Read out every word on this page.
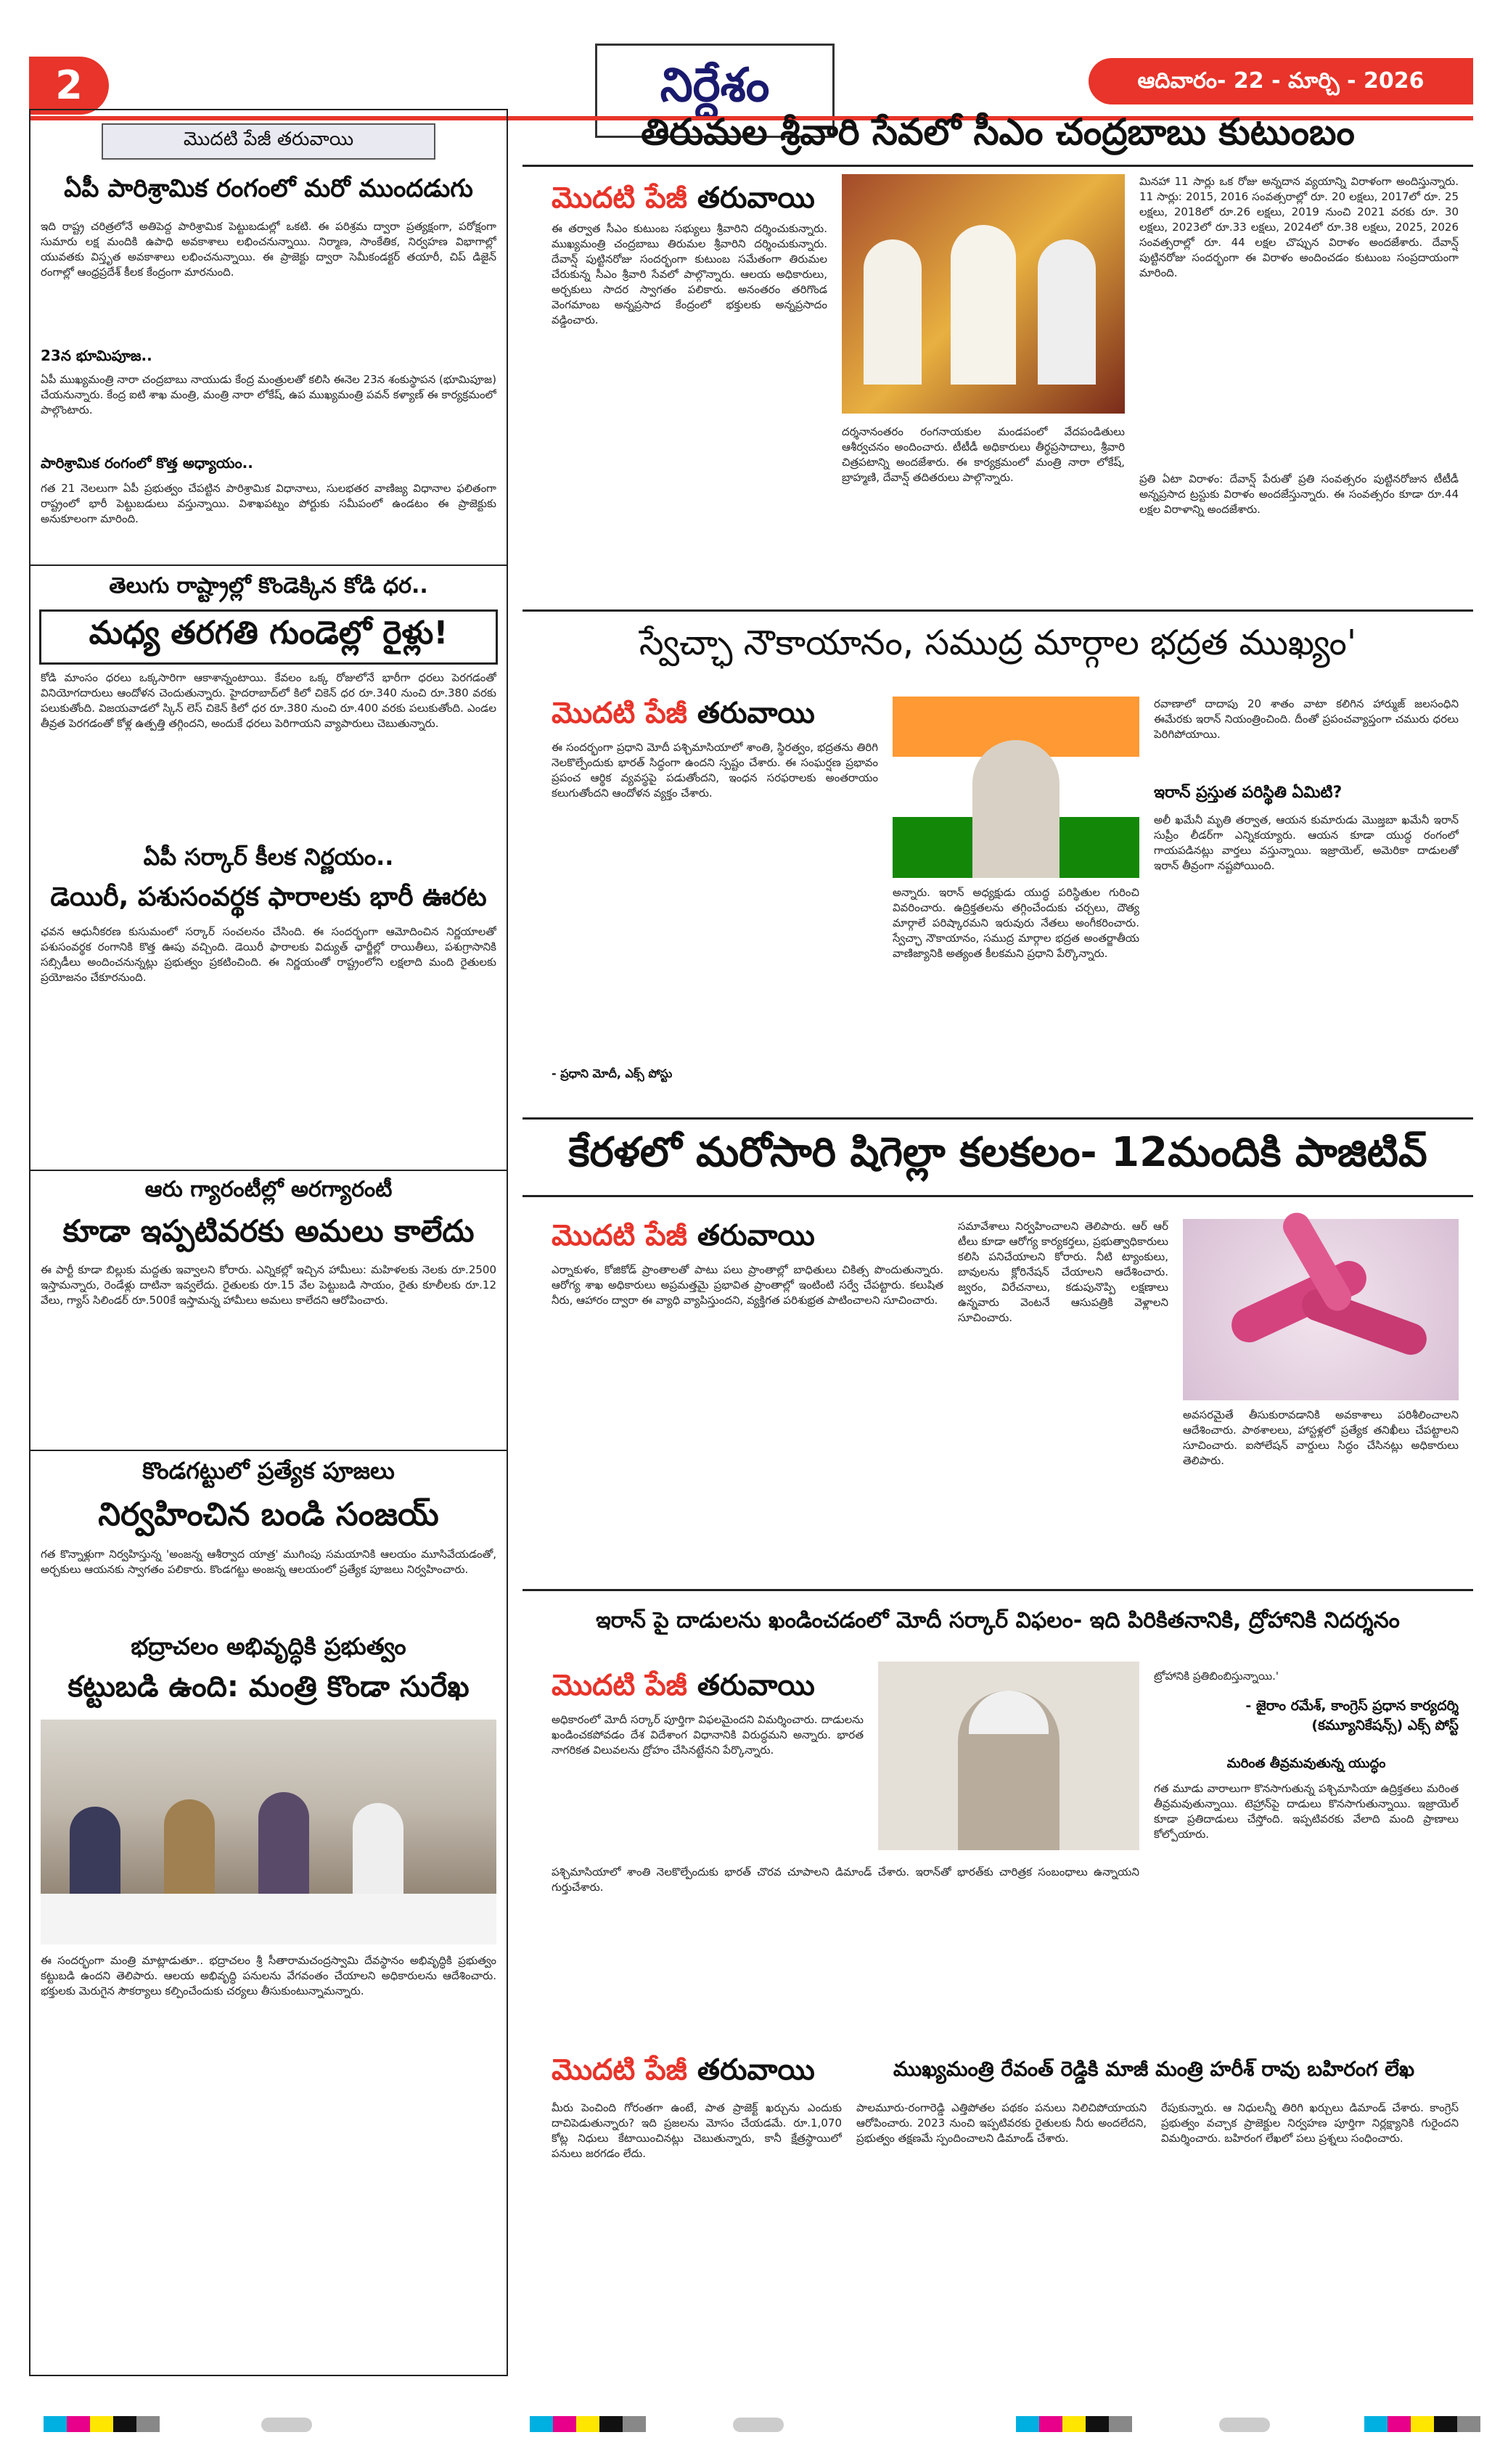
2	నిర్దేశం	ఆదివారం- 22 - మార్చి - 2026
మొదటి పేజీ తరువాయి
ఏపీ పారిశ్రామిక రంగంలో మరో ముందడుగు
ఇది రాష్ట్ర చరిత్రలోనే అతిపెద్ద పారిశ్రామిక పెట్టుబడుల్లో ఒకటి. ఈ పరిశ్రమ ద్వారా ప్రత్యక్షంగా, పరోక్షంగా సుమారు లక్ష మందికి ఉపాధి అవకాశాలు లభించనున్నాయి. నిర్మాణ, సాంకేతిక, నిర్వహణ విభాగాల్లో యువతకు విస్తృత అవకాశాలు లభించనున్నాయి. ఈ ప్రాజెక్టు ద్వారా సెమీకండక్టర్ తయారీ, చిప్ డిజైన్ రంగాల్లో ఆంధ్రప్రదేశ్ కీలక కేంద్రంగా మారనుంది.
23న భూమిపూజ..
ఏపీ ముఖ్యమంత్రి నారా చంద్రబాబు నాయుడు కేంద్ర మంత్రులతో కలిసి ఈనెల 23న శంకుస్థాపన (భూమిపూజ) చేయనున్నారు. కేంద్ర ఐటి శాఖ మంత్రి, మంత్రి నారా లోకేష్, ఉప ముఖ్యమంత్రి పవన్ కళ్యాణ్ ఈ కార్యక్రమంలో పాల్గొంటారు.
పారిశ్రామిక రంగంలో కొత్త అధ్యాయం..
గత 21 నెలలుగా ఏపీ ప్రభుత్వం చేపట్టిన పారిశ్రామిక విధానాలు, సులభతర వాణిజ్య విధానాల ఫలితంగా రాష్ట్రంలో భారీ పెట్టుబడులు వస్తున్నాయి. విశాఖపట్నం పోర్టుకు సమీపంలో ఉండటం ఈ ప్రాజెక్టుకు అనుకూలంగా మారింది.
తెలుగు రాష్ట్రాల్లో కొండెక్కిన కోడి ధర..
మధ్య తరగతి గుండెల్లో రైళ్లు!
కోడి మాంసం ధరలు ఒక్కసారిగా ఆకాశాన్నంటాయి. కేవలం ఒక్క రోజులోనే భారీగా ధరలు పెరగడంతో వినియోగదారులు ఆందోళన చెందుతున్నారు. హైదరాబాద్‌లో కిలో చికెన్ ధర రూ.340 నుంచి రూ.380 వరకు పలుకుతోంది. విజయవాడలో స్కిన్ లెస్ చికెన్ కిలో ధర రూ.380 నుంచి రూ.400 వరకు పలుకుతోంది. ఎండల తీవ్రత పెరగడంతో కోళ్ల ఉత్పత్తి తగ్గిందని, అందుకే ధరలు పెరిగాయని వ్యాపారులు చెబుతున్నారు.
ఏపీ సర్కార్ కీలక నిర్ణయం..
డెయిరీ, పశుసంవర్థక ఫారాలకు భారీ ఊరట
ఛవన ఆధునీకరణ కుసుమంలో సర్కార్ సంచలనం చేసింది. ఈ సందర్భంగా ఆమోదించిన నిర్ణయాలతో పశుసంవర్థక రంగానికి కొత్త ఊపు వచ్చింది. డెయిరీ ఫారాలకు విద్యుత్ ఛార్జీల్లో రాయితీలు, పశుగ్రాసానికి సబ్సిడీలు అందించనున్నట్లు ప్రభుత్వం ప్రకటించింది. ఈ నిర్ణయంతో రాష్ట్రంలోని లక్షలాది మంది రైతులకు ప్రయోజనం చేకూరనుంది.
ఆరు గ్యారంటీల్లో అరగ్యారంటీ
కూడా ఇప్పటివరకు అమలు కాలేదు
ఈ పార్టీ కూడా బిల్లుకు మద్దతు ఇవ్వాలని కోరారు. ఎన్నికల్లో ఇచ్చిన హామీలు: మహిళలకు నెలకు రూ.2500 ఇస్తామన్నారు, రెండేళ్లు దాటినా ఇవ్వలేదు. రైతులకు రూ.15 వేల పెట్టుబడి సాయం, రైతు కూలీలకు రూ.12 వేలు, గ్యాస్ సిలిండర్ రూ.500కే ఇస్తామన్న హామీలు అమలు కాలేదని ఆరోపించారు.
కొండగట్టులో ప్రత్యేక పూజలు
నిర్వహించిన బండి సంజయ్
గత కొన్నాళ్లుగా నిర్వహిస్తున్న 'అంజన్న ఆశీర్వాద యాత్ర' ముగింపు సమయానికి ఆలయం మూసివేయడంతో, అర్చకులు ఆయనకు స్వాగతం పలికారు. కొండగట్టు అంజన్న ఆలయంలో ప్రత్యేక పూజలు నిర్వహించారు.
భద్రాచలం అభివృద్ధికి ప్రభుత్వం
కట్టుబడి ఉంది: మంత్రి కొండా సురేఖ
ఈ సందర్భంగా మంత్రి మాట్లాడుతూ.. భద్రాచలం శ్రీ సీతారామచంద్రస్వామి దేవస్థానం అభివృద్ధికి ప్రభుత్వం కట్టుబడి ఉందని తెలిపారు. ఆలయ అభివృద్ధి పనులను వేగవంతం చేయాలని అధికారులను ఆదేశించారు. భక్తులకు మెరుగైన సౌకర్యాలు కల్పించేందుకు చర్యలు తీసుకుంటున్నామన్నారు.
తిరుమల శ్రీవారి సేవలో సీఎం చంద్రబాబు కుటుంబం
మొదటి పేజీ తరువాయి
ఈ తర్వాత సీఎం కుటుంబ సభ్యులు శ్రీవారిని దర్శించుకున్నారు. ముఖ్యమంత్రి చంద్రబాబు తిరుమల శ్రీవారిని దర్శించుకున్నారు. దేవాన్ష్ పుట్టినరోజు సందర్భంగా కుటుంబ సమేతంగా తిరుమల చేరుకున్న సీఎం శ్రీవారి సేవలో పాల్గొన్నారు. ఆలయ అధికారులు, అర్చకులు సాదర స్వాగతం పలికారు. అనంతరం తరిగొండ వెంగమాంబ అన్నప్రసాద కేంద్రంలో భక్తులకు అన్నప్రసాదం వడ్డించారు.
దర్శనానంతరం రంగనాయకుల మండపంలో వేదపండితులు ఆశీర్వచనం అందించారు. టీటీడీ అధికారులు తీర్థప్రసాదాలు, శ్రీవారి చిత్రపటాన్ని అందజేశారు. ఈ కార్యక్రమంలో మంత్రి నారా లోకేష్, బ్రాహ్మణి, దేవాన్ష్ తదితరులు పాల్గొన్నారు.
మినహా 11 సార్లు ఒక రోజు అన్నదాన వ్యయాన్ని విరాళంగా అందిస్తున్నారు. 11 సార్లు: 2015, 2016 సంవత్సరాల్లో రూ. 20 లక్షలు, 2017లో రూ. 25 లక్షలు, 2018లో రూ.26 లక్షలు, 2019 నుంచి 2021 వరకు రూ. 30 లక్షలు, 2023లో రూ.33 లక్షలు, 2024లో రూ.38 లక్షలు, 2025, 2026 సంవత్సరాల్లో రూ. 44 లక్షల చొప్పున విరాళం అందజేశారు. దేవాన్ష్ పుట్టినరోజు సందర్భంగా ఈ విరాళం అందించడం కుటుంబ సంప్రదాయంగా మారింది.
ప్రతి ఏటా విరాళం: దేవాన్ష్ పేరుతో ప్రతి సంవత్సరం పుట్టినరోజున టీటీడీ అన్నప్రసాద ట్రస్టుకు విరాళం అందజేస్తున్నారు. ఈ సంవత్సరం కూడా రూ.44 లక్షల విరాళాన్ని అందజేశారు.
స్వేచ్ఛా నౌకాయానం, సముద్ర మార్గాల భద్రత ముఖ్యం'
మొదటి పేజీ తరువాయి
ఈ సందర్భంగా ప్రధాని మోదీ పశ్చిమాసియాలో శాంతి, స్థిరత్వం, భద్రతను తిరిగి నెలకొల్పేందుకు భారత్ సిద్ధంగా ఉందని స్పష్టం చేశారు. ఈ సంఘర్షణ ప్రభావం ప్రపంచ ఆర్థిక వ్యవస్థపై పడుతోందని, ఇంధన సరఫరాలకు అంతరాయం కలుగుతోందని ఆందోళన వ్యక్తం చేశారు.
అన్నారు. ఇరాన్ అధ్యక్షుడు యుద్ధ పరిస్థితుల గురించి వివరించారు. ఉద్రిక్తతలను తగ్గించేందుకు చర్చలు, దౌత్య మార్గాలే పరిష్కారమని ఇరువురు నేతలు అంగీకరించారు. స్వేచ్ఛా నౌకాయానం, సముద్ర మార్గాల భద్రత అంతర్జాతీయ వాణిజ్యానికి అత్యంత కీలకమని ప్రధాని పేర్కొన్నారు.
- ప్రధాని మోదీ, ఎక్స్ పోస్టు
రవాణాలో దాదాపు 20 శాతం వాటా కలిగిన హార్ముజ్ జలసంధిని ఈమేరకు ఇరాన్ నియంత్రించింది. దీంతో ప్రపంచవ్యాప్తంగా చమురు ధరలు పెరిగిపోయాయి.
ఇరాన్ ప్రస్తుత పరిస్థితి ఏమిటి?
అలీ ఖమేనీ మృతి తర్వాత, ఆయన కుమారుడు మొజ్తబా ఖమేనీ ఇరాన్ సుప్రీం లీడర్‌గా ఎన్నికయ్యారు. ఆయన కూడా యుద్ధ రంగంలో గాయపడినట్లు వార్తలు వస్తున్నాయి. ఇజ్రాయెల్, అమెరికా దాడులతో ఇరాన్ తీవ్రంగా నష్టపోయింది.
కేరళలో మరోసారి షిగెల్లా కలకలం- 12మందికి పాజిటివ్
మొదటి పేజీ తరువాయి
ఎర్నాకుళం, కోజికోడ్ ప్రాంతాలతో పాటు పలు ప్రాంతాల్లో బాధితులు చికిత్స పొందుతున్నారు. ఆరోగ్య శాఖ అధికారులు అప్రమత్తమై ప్రభావిత ప్రాంతాల్లో ఇంటింటి సర్వే చేపట్టారు. కలుషిత నీరు, ఆహారం ద్వారా ఈ వ్యాధి వ్యాపిస్తుందని, వ్యక్తిగత పరిశుభ్రత పాటించాలని సూచించారు.
సమావేశాలు నిర్వహించాలని తెలిపారు. ఆర్ ఆర్ టీలు కూడా ఆరోగ్య కార్యకర్తలు, ప్రభుత్వాధికారులు కలిసి పనిచేయాలని కోరారు. నీటి ట్యాంకులు, బావులను క్లోరినేషన్ చేయాలని ఆదేశించారు. జ్వరం, విరేచనాలు, కడుపునొప్పి లక్షణాలు ఉన్నవారు వెంటనే ఆసుపత్రికి వెళ్లాలని సూచించారు.
అవసరమైతే తీసుకురావడానికి అవకాశాలు పరిశీలించాలని ఆదేశించారు. పాఠశాలలు, హాస్టళ్లలో ప్రత్యేక తనిఖీలు చేపట్టాలని సూచించారు. ఐసోలేషన్ వార్డులు సిద్ధం చేసినట్లు అధికారులు తెలిపారు.
ఇరాన్ పై దాడులను ఖండించడంలో మోదీ సర్కార్ విఫలం- ఇది పిరికితనానికి, ద్రోహానికి నిదర్శనం
మొదటి పేజీ తరువాయి
అధికారంలో మోదీ సర్కార్ పూర్తిగా విఫలమైందని విమర్శించారు. దాడులను ఖండించకపోవడం దేశ విదేశాంగ విధానానికి విరుద్ధమని అన్నారు. భారత నాగరికత విలువలను ద్రోహం చేసినట్టేనని పేర్కొన్నారు.
పశ్చిమాసియాలో శాంతి నెలకొల్పేందుకు భారత్ చొరవ చూపాలని డిమాండ్ చేశారు. ఇరాన్‌తో భారత్‌కు చారిత్రక సంబంధాలు ఉన్నాయని గుర్తుచేశారు.
ట్రోహానికి ప్రతిబింబిస్తున్నాయి.'
- జైరాం రమేశ్, కాంగ్రెస్ ప్రధాన కార్యదర్శి (కమ్యూనికేషన్స్) ఎక్స్ పోస్ట్
మరింత తీవ్రమవుతున్న యుద్ధం
గత మూడు వారాలుగా కొనసాగుతున్న పశ్చిమాసియా ఉద్రిక్తతలు మరింత తీవ్రమవుతున్నాయి. టెహ్రాన్‌పై దాడులు కొనసాగుతున్నాయి. ఇజ్రాయెల్ కూడా ప్రతిదాడులు చేస్తోంది. ఇప్పటివరకు వేలాది మంది ప్రాణాలు కోల్పోయారు.
మొదటి పేజీ తరువాయి	ముఖ్యమంత్రి రేవంత్ రెడ్డికి మాజీ మంత్రి హరీశ్ రావు బహిరంగ లేఖ
మీరు పెంచింది గోరంతగా ఉంటే, పాత ప్రాజెక్ట్ ఖర్చును ఎందుకు దాచిపెడుతున్నారు? ఇది ప్రజలను మోసం చేయడమే. రూ.1,070 కోట్ల నిధులు కేటాయించినట్లు చెబుతున్నారు, కానీ క్షేత్రస్థాయిలో పనులు జరగడం లేదు.
పాలమూరు-రంగారెడ్డి ఎత్తిపోతల పథకం పనులు నిలిచిపోయాయని ఆరోపించారు. 2023 నుంచి ఇప్పటివరకు రైతులకు నీరు అందలేదని, ప్రభుత్వం తక్షణమే స్పందించాలని డిమాండ్ చేశారు.
రేపుకున్నారు. ఆ నిధులన్నీ తిరిగి ఖర్చులు డిమాండ్ చేశారు. కాంగ్రెస్ ప్రభుత్వం వచ్చాక ప్రాజెక్టుల నిర్వహణ పూర్తిగా నిర్లక్ష్యానికి గురైందని విమర్శించారు. బహిరంగ లేఖలో పలు ప్రశ్నలు సంధించారు.
